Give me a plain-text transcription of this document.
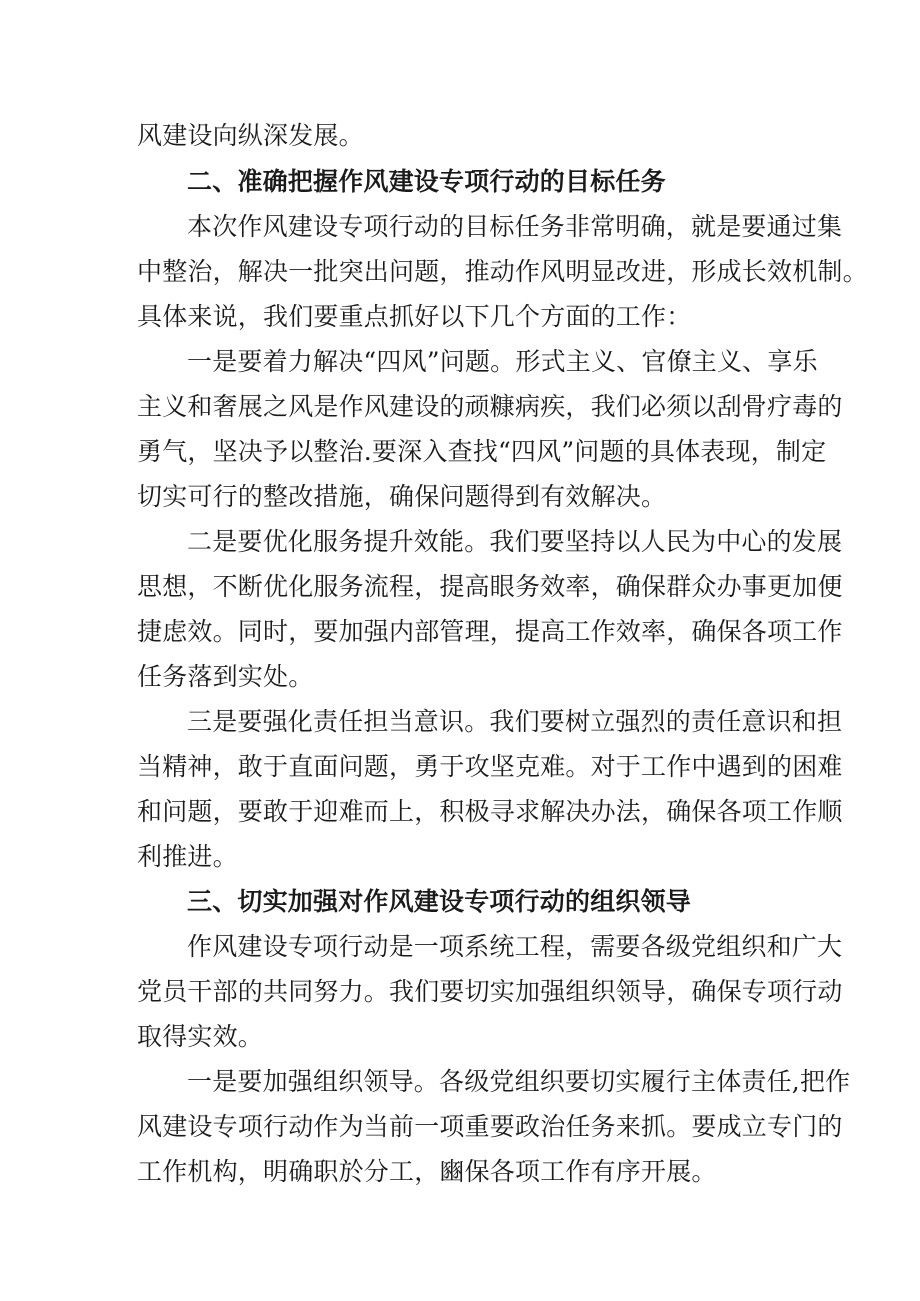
风建设向纵深发展。
二、准确把握作风建设专项行动的目标任务
本次作风建设专项行动的目标任务非常明确，就是要通过集
中整治，解决一批突出问题，推动作风明显改进，形成长效机制。
具体来说，我们要重点抓好以下几个方面的工作：
一是要着力解决“四风”问题。形式主义、官僚主义、享乐
主义和奢展之风是作风建设的顽糠病疾，我们必须以刮骨疗毒的
勇气，坚决予以整治.要深入查找“四风”问题的具体表现，制定
切实可行的整改措施，确保问题得到有效解决。
二是要优化服务提升效能。我们要坚持以人民为中心的发展
思想，不断优化服务流程，提高眼务效率，确保群众办事更加便
捷虑效。同时，要加强内部管理，提高工作效率，确保各项工作
任务落到实处。
三是要强化责任担当意识。我们要树立强烈的责任意识和担
当精神，敢于直面问题，勇于攻坚克难。对于工作中遇到的困难
和问题，要敢于迎难而上，积极寻求解决办法，确保各项工作顺
利推进。
三、切实加强对作风建设专项行动的组织领导
作风建设专项行动是一项系统工程，需要各级党组织和广大
党员干部的共同努力。我们要切实加强组织领导，确保专项行动
取得实效。
一是要加强组织领导。各级党组织要切实履行主体责任,把作
风建设专项行动作为当前一项重要政治任务来抓。要成立专门的
工作机构，明确职於分工，豳保各项工作有序开展。
